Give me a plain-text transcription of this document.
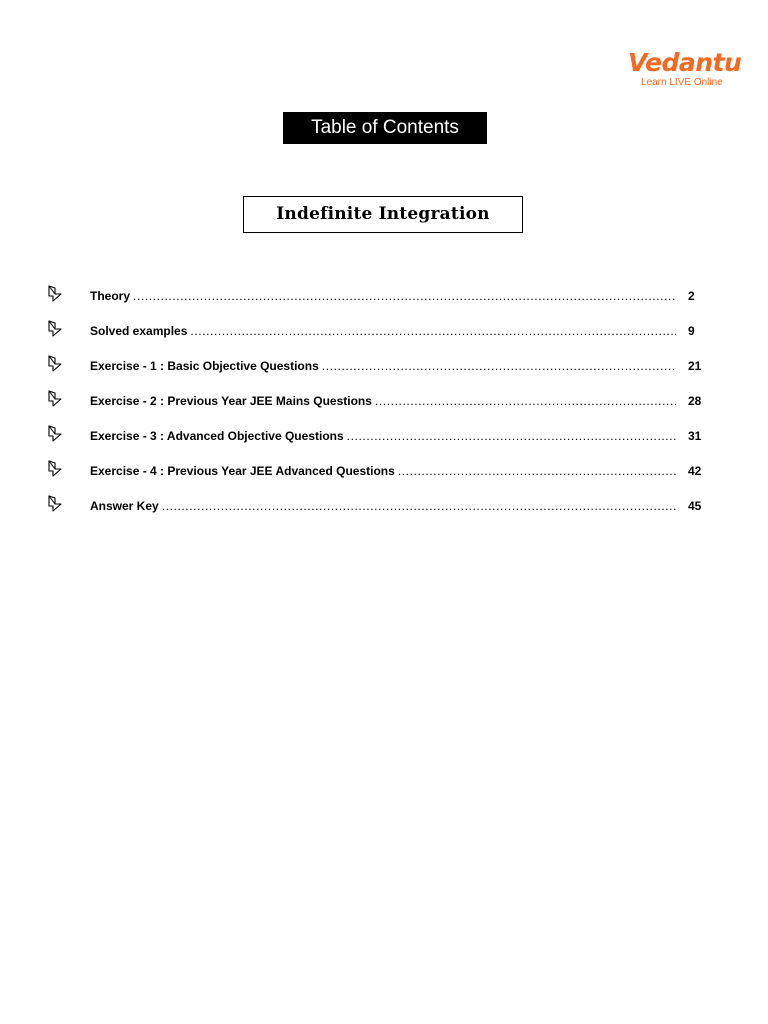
Vedantu
Learn LIVE Online
Table of Contents
Indefinite Integration
Theory .....	2
Solved examples .....	9
Exercise - 1 : Basic Objective Questions .....	21
Exercise - 2 : Previous Year JEE Mains Questions .....	28
Exercise - 3 : Advanced Objective Questions .....	31
Exercise - 4 : Previous Year JEE Advanced Questions .....	42
Answer Key .....	45
